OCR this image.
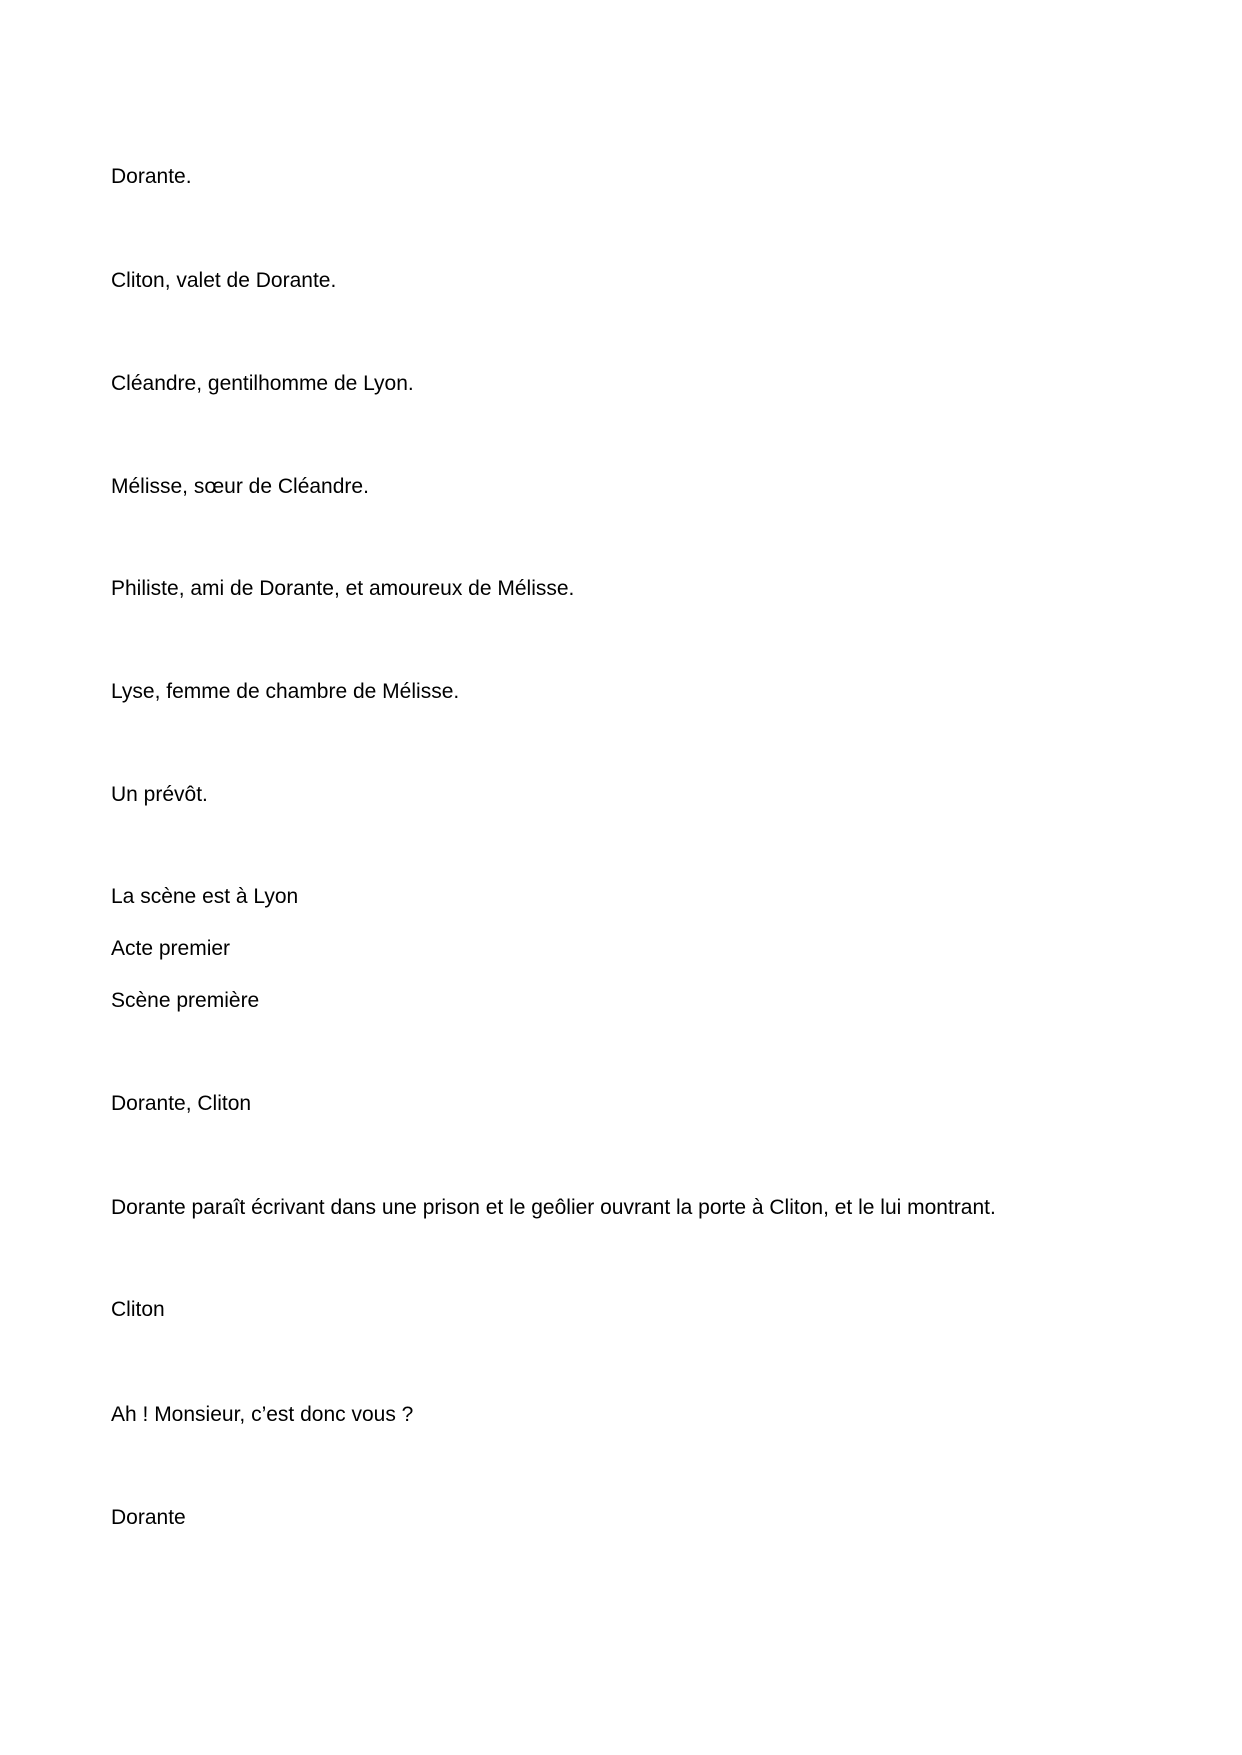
Dorante.

Cliton, valet de Dorante.

Cléandre, gentilhomme de Lyon.

Mélisse, sœur de Cléandre.

Philiste, ami de Dorante, et amoureux de Mélisse.

Lyse, femme de chambre de Mélisse.

Un prévôt.

La scène est à Lyon

Acte premier

Scène première

Dorante, Cliton

Dorante paraît écrivant dans une prison et le geôlier ouvrant la porte à Cliton, et le lui montrant.

Cliton

Ah ! Monsieur, c’est donc vous ?

Dorante
